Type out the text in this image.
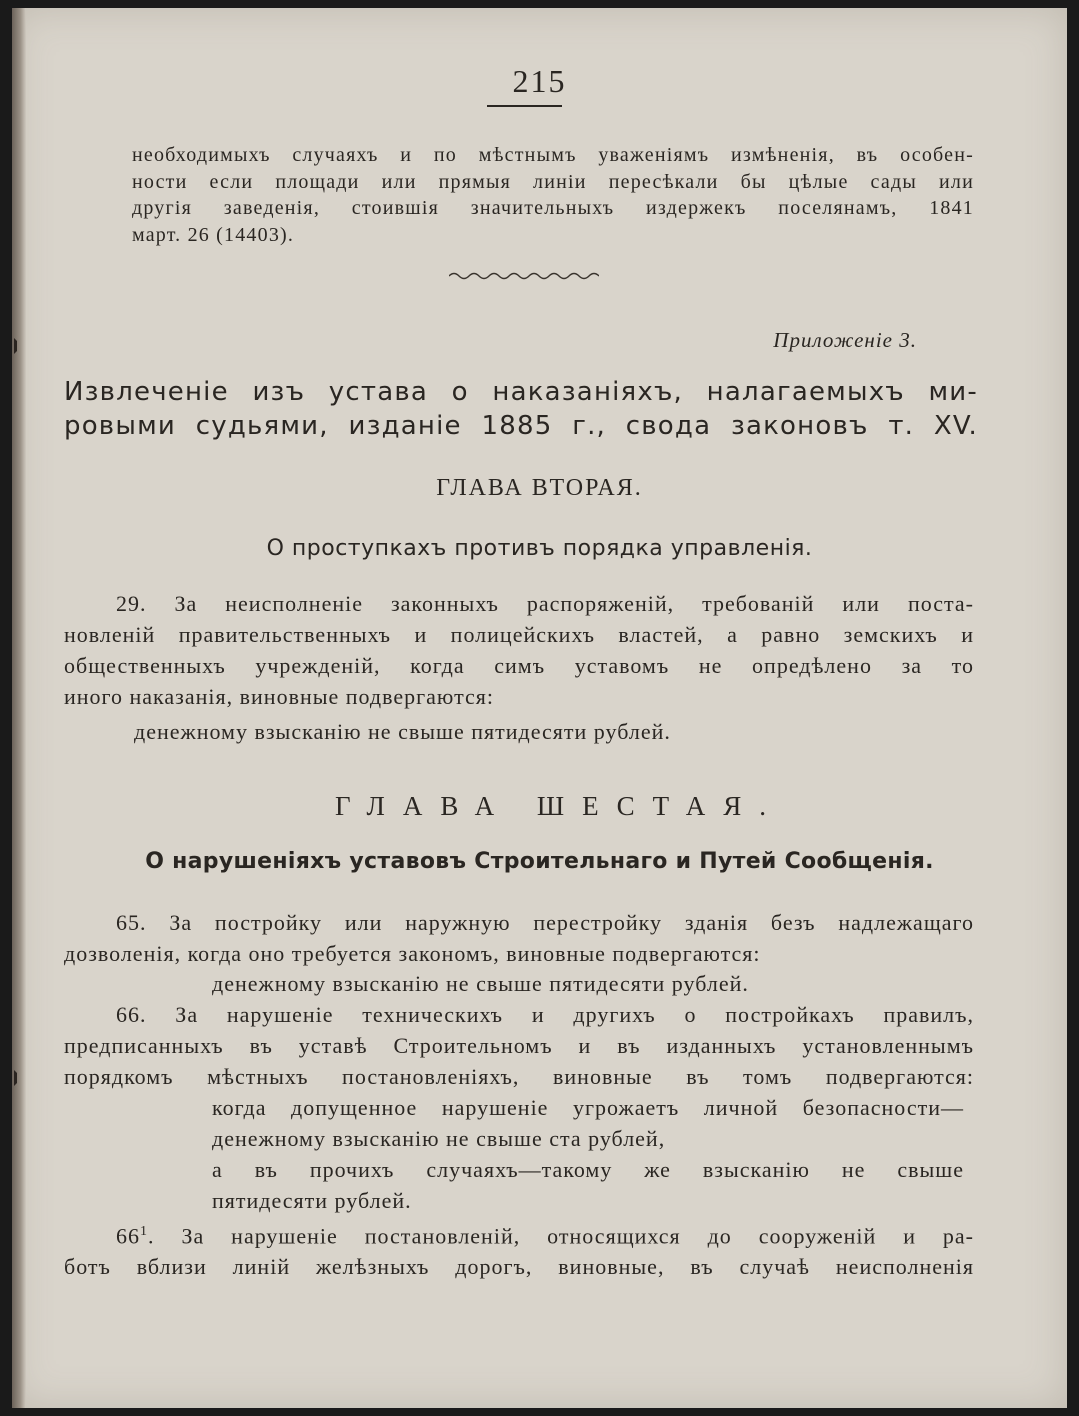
215
необходимыхъ случаяхъ и по мѣстнымъ уваженіямъ измѣненія, въ особен-
ности если площади или прямыя линіи пересѣкали бы цѣлые сады или
другія заведенія, стоившія значительныхъ издержекъ поселянамъ, 1841
март. 26 (14403).
Приложеніе 3.
Извлеченіе изъ устава о наказаніяхъ, налагаемыхъ ми-
ровыми судьями, изданіе 1885 г., свода законовъ т. XV.
ГЛАВА ВТОРАЯ.
О проступкахъ противъ порядка управленія.
29. За неисполненіе законныхъ распоряженій, требованій или поста-
новленій правительственныхъ и полицейскихъ властей, а равно земскихъ и
общественныхъ учрежденій, когда симъ уставомъ не опредѣлено за то
иного наказанія, виновные подвергаются:
денежному взысканію не свыше пятидесяти рублей.
ГЛАВА ШЕСТАЯ.
О нарушеніяхъ уставовъ Строительнаго и Путей Сообщенія.
65. За постройку или наружную перестройку зданія безъ надлежащаго
дозволенія, когда оно требуется закономъ, виновные подвергаются:
денежному взысканію не свыше пятидесяти рублей.
66. За нарушеніе техническихъ и другихъ о постройкахъ правилъ,
предписанныхъ въ уставѣ Строительномъ и въ изданныхъ установленнымъ
порядкомъ мѣстныхъ постановленіяхъ, виновные въ томъ подвергаются:
когда допущенное нарушеніе угрожаетъ личной безопасности—
денежному взысканію не свыше ста рублей,
а въ прочихъ случаяхъ—такому же взысканію не свыше
пятидесяти рублей.
$66^1$. За нарушеніе постановленій, относящихся до сооруженій и ра-
ботъ вблизи линій желѣзныхъ дорогъ, виновные, въ случаѣ неисполненія
